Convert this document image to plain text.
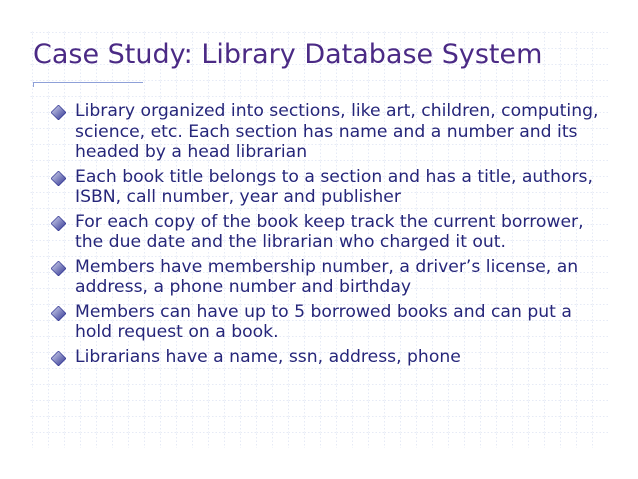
Case Study: Library Database System
Library organized into sections, like art, children, computing, science, etc. Each section has name and a number and its headed by a head librarian
Each book title belongs to a section and has a title, authors, ISBN, call number, year and publisher
For each copy of the book keep track the current borrower, the due date and the librarian who charged it out.
Members have membership number, a driver’s license, an address, a phone number and birthday
Members can have up to 5 borrowed books and can put a hold request on a book.
Librarians have a name, ssn, address, phone
